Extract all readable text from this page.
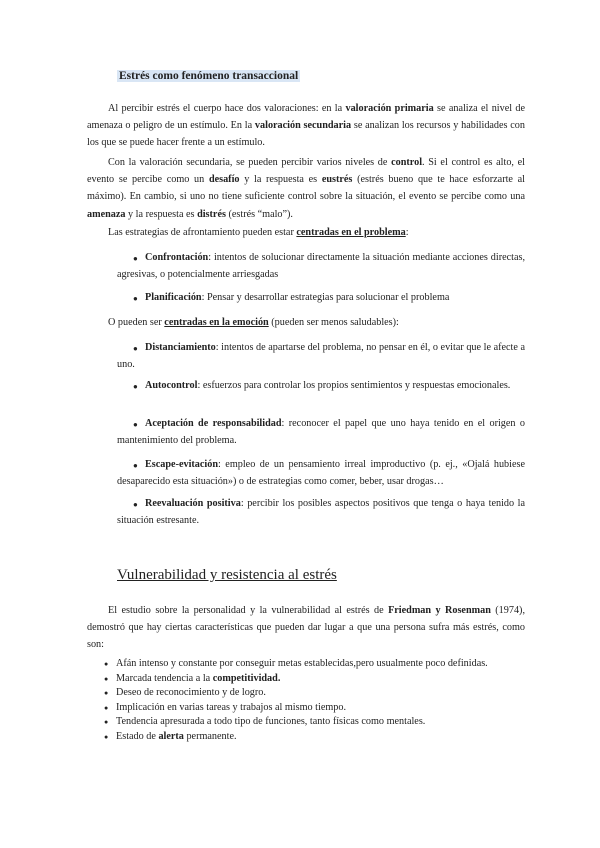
Estrés como fenómeno transaccional
Al percibir estrés el cuerpo hace dos valoraciones: en la valoración primaria se analiza el nivel de amenaza o peligro de un estímulo. En la valoración secundaria se analizan los recursos y habilidades con los que se puede hacer frente a un estímulo.
Con la valoración secundaria, se pueden percibir varios niveles de control. Si el control es alto, el evento se percibe como un desafío y la respuesta es eustrés (estrés bueno que te hace esforzarte al máximo). En cambio, si uno no tiene suficiente control sobre la situación, el evento se percibe como una amenaza y la respuesta es distrés (estrés “malo”).
Las estrategias de afrontamiento pueden estar centradas en el problema:
● Confrontación: intentos de solucionar directamente la situación mediante acciones directas, agresivas, o potencialmente arriesgadas
● Planificación: Pensar y desarrollar estrategias para solucionar el problema
O pueden ser centradas en la emoción (pueden ser menos saludables):
● Distanciamiento: intentos de apartarse del problema, no pensar en él, o evitar que le afecte a uno.
● Autocontrol: esfuerzos para controlar los propios sentimientos y respuestas emocionales.
● Aceptación de responsabilidad: reconocer el papel que uno haya tenido en el origen o mantenimiento del problema.
● Escape-evitación: empleo de un pensamiento irreal improductivo (p. ej., «Ojalá hubiese desaparecido esta situación») o de estrategias como comer, beber, usar drogas…
● Reevaluación positiva: percibir los posibles aspectos positivos que tenga o haya tenido la situación estresante.
Vulnerabilidad y resistencia al estrés
El estudio sobre la personalidad y la vulnerabilidad al estrés de Friedman y Rosenman (1974), demostró que hay ciertas características que pueden dar lugar a que una persona sufra más estrés, como son:
● Afán intenso y constante por conseguir metas establecidas,pero usualmente poco definidas.
● Marcada tendencia a la competitividad.
● Deseo de reconocimiento y de logro.
● Implicación en varias tareas y trabajos al mismo tiempo.
● Tendencia apresurada a todo tipo de funciones, tanto físicas como mentales.
● Estado de alerta permanente.
